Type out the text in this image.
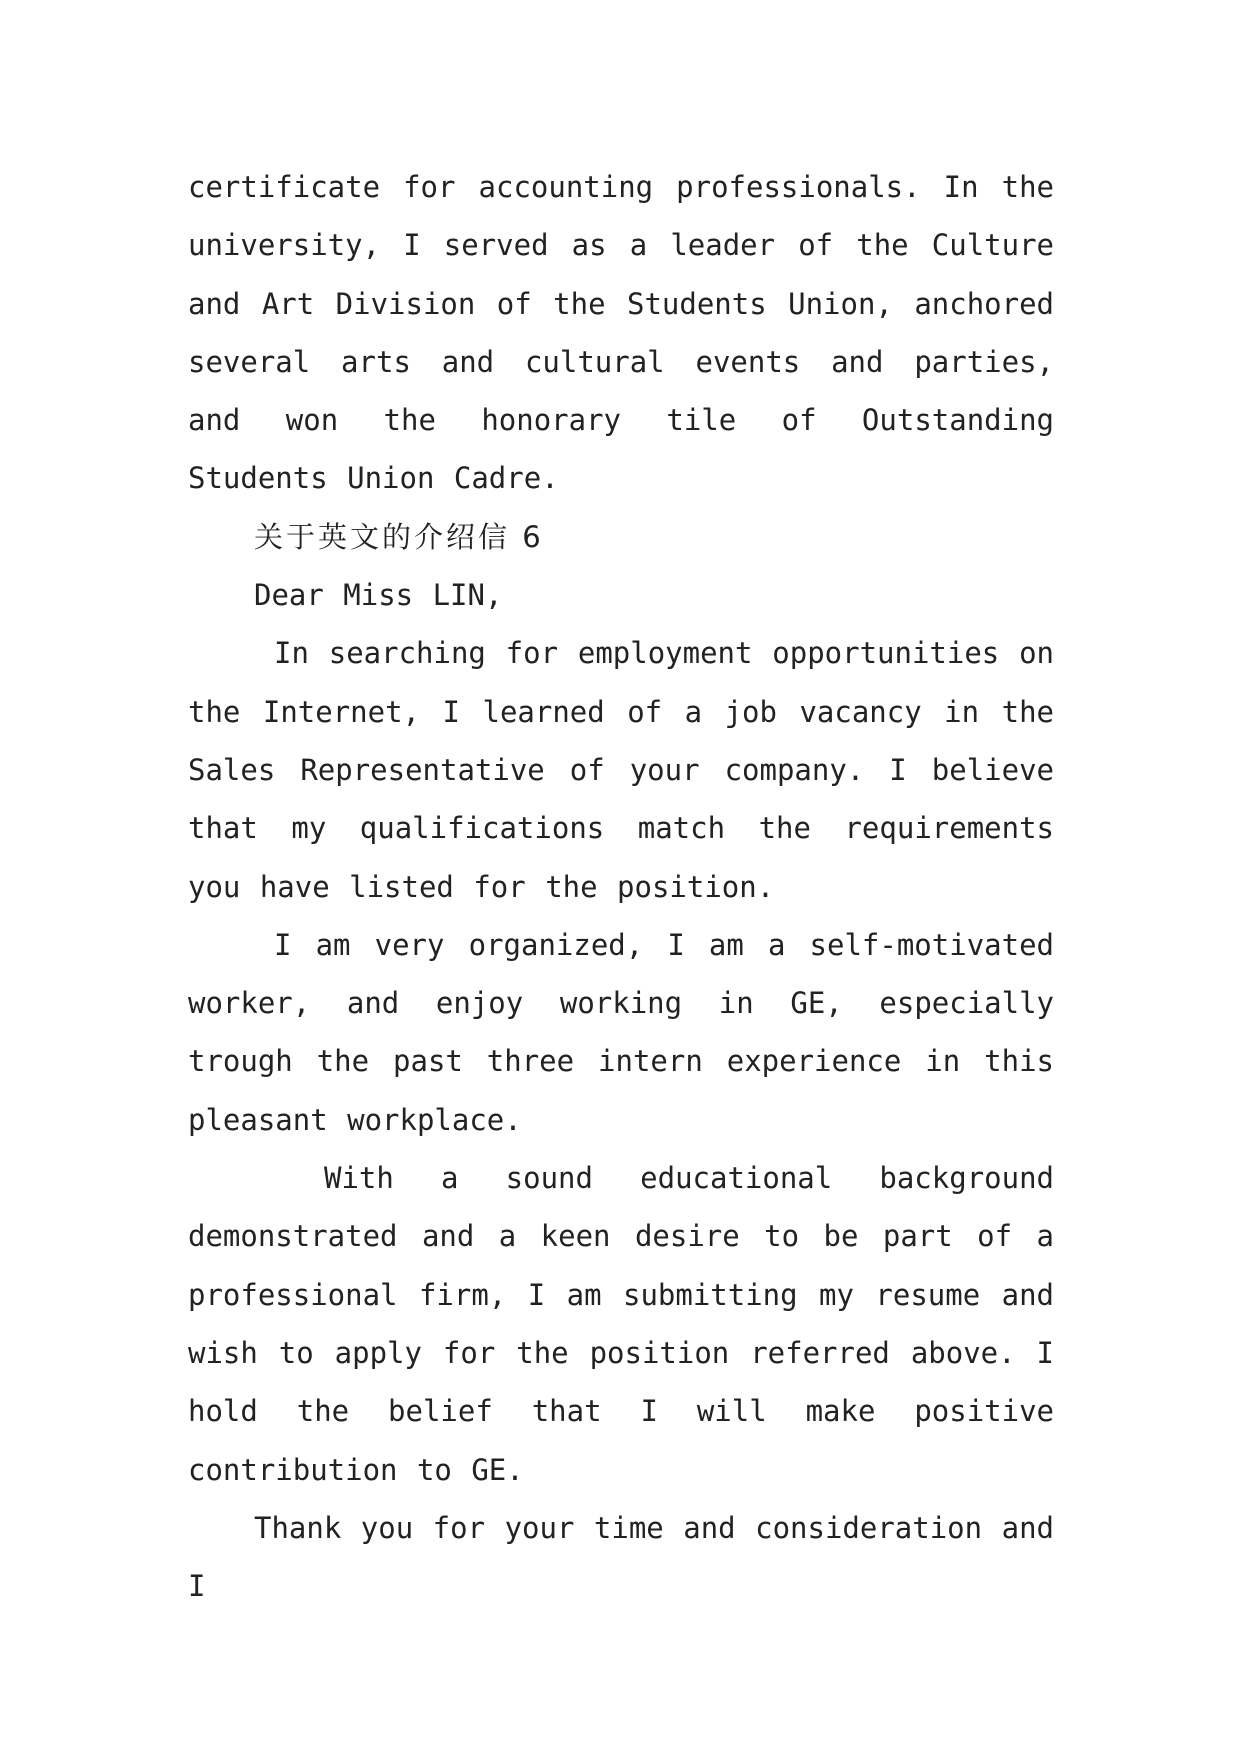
certificate for accounting professionals. In the university, I served as a leader of the Culture and Art Division of the Students Union, anchored several arts and cultural events and parties, and won the honorary tile of Outstanding Students Union Cadre.

关于英文的介绍信 6

Dear Miss LIN,

In searching for employment opportunities on the Internet, I learned of a job vacancy in the Sales Representative of your company. I believe that my qualifications match the requirements you have listed for the position.

I am very organized, I am a self-motivated worker, and enjoy working in GE, especially trough the past three intern experience in this pleasant workplace.

With a sound educational background demonstrated and a keen desire to be part of a professional firm, I am submitting my resume and wish to apply for the position referred above. I hold the belief that I will make positive contribution to GE.

Thank you for your time and consideration and I
